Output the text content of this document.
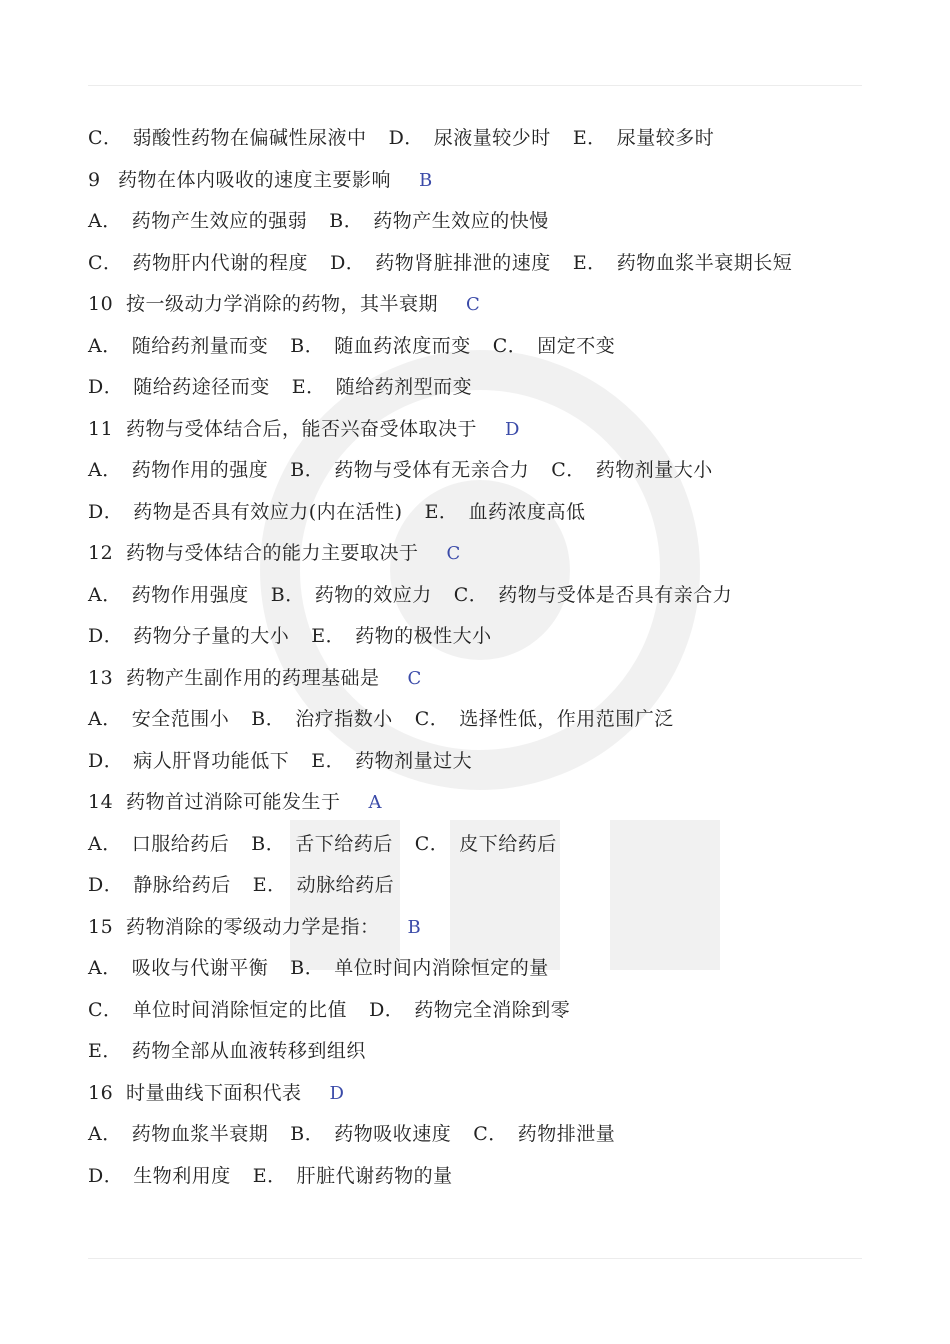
C． 弱酸性药物在偏碱性尿液中 D． 尿液量较少时 E． 尿量较多时
9 药物在体内吸收的速度主要影响 B
A． 药物产生效应的强弱 B． 药物产生效应的快慢
C． 药物肝内代谢的程度 D． 药物肾脏排泄的速度 E． 药物血浆半衰期长短
10 按一级动力学消除的药物，其半衰期 C
A． 随给药剂量而变 B． 随血药浓度而变 C． 固定不变
D． 随给药途径而变 E． 随给药剂型而变
11 药物与受体结合后，能否兴奋受体取决于 D
A． 药物作用的强度 B． 药物与受体有无亲合力 C． 药物剂量大小
D． 药物是否具有效应力(内在活性) E． 血药浓度高低
12 药物与受体结合的能力主要取决于 C
A． 药物作用强度 B． 药物的效应力 C． 药物与受体是否具有亲合力
D． 药物分子量的大小 E． 药物的极性大小
13 药物产生副作用的药理基础是 C
A． 安全范围小 B． 治疗指数小 C． 选择性低，作用范围广泛
D． 病人肝肾功能低下 E． 药物剂量过大
14 药物首过消除可能发生于 A
A． 口服给药后 B． 舌下给药后 C． 皮下给药后
D． 静脉给药后 E． 动脉给药后
15 药物消除的零级动力学是指： B
A． 吸收与代谢平衡 B． 单位时间内消除恒定的量
C． 单位时间消除恒定的比值 D． 药物完全消除到零
E． 药物全部从血液转移到组织
16 时量曲线下面积代表 D
A． 药物血浆半衰期 B． 药物吸收速度 C． 药物排泄量
D． 生物利用度 E． 肝脏代谢药物的量
